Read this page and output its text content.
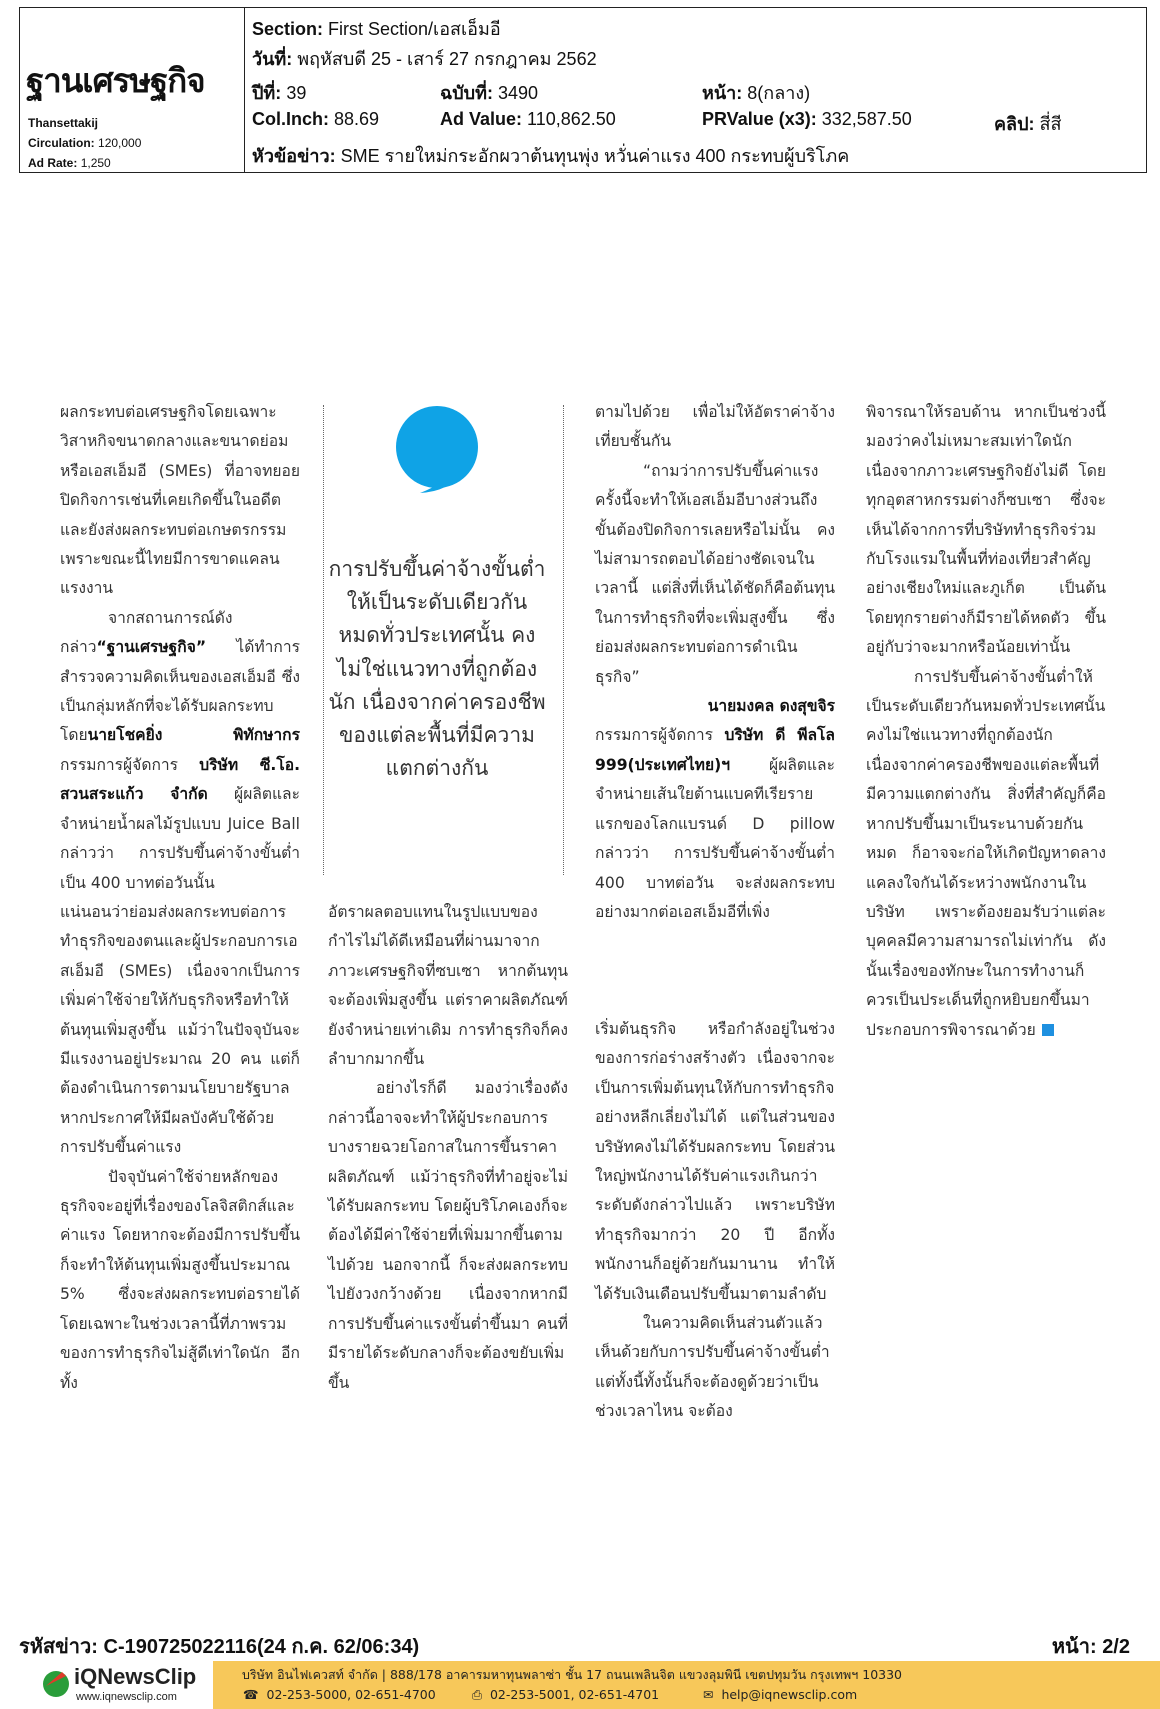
ฐานเศรษฐกิจ
Thansettakij
Circulation: 120,000
Ad Rate: 1,250
Section: First Section/เอสเอ็มอี
วันที่: พฤหัสบดี 25 - เสาร์ 27 กรกฎาคม 2562
ปีที่: 39	ฉบับที่: 3490	หน้า: 8(กลาง)
Col.Inch: 88.69	Ad Value: 110,862.50	PRValue (x3): 332,587.50	คลิป: สี่สี
หัวข้อข่าว: SME รายใหม่กระอักผวาต้นทุนพุ่ง หวั่นค่าแรง 400 กระทบผู้บริโภค

ผลกระทบต่อเศรษฐกิจโดยเฉพาะวิสาหกิจขนาดกลางและขนาดย่อม หรือเอสเอ็มอี (SMEs) ที่อาจทยอยปิดกิจการเช่นที่เคยเกิดขึ้นในอดีต และยังส่งผลกระทบต่อเกษตรกรรม เพราะขณะนี้ไทยมีการขาดแคลนแรงงาน

จากสถานการณ์ดังกล่าว“ฐานเศรษฐกิจ” ได้ทำการสำรวจความคิดเห็นของเอสเอ็มอี ซึ่งเป็นกลุ่มหลักที่จะได้รับผลกระทบ โดยนายโชคยิ่ง พิทักษากร กรรมการผู้จัดการ บริษัท ซี.โอ. สวนสระแก้ว จำกัด ผู้ผลิตและจำหน่ายน้ำผลไม้รูปแบบ Juice Ball กล่าวว่า การปรับขึ้นค่าจ้างขั้นต่ำเป็น 400 บาทต่อวันนั้น

การปรับขึ้นค่าจ้างขั้นต่ำให้เป็นระดับเดียวกันหมดทั่วประเทศนั้น คงไม่ใช่แนวทางที่ถูกต้องนัก เนื่องจากค่าครองชีพของแต่ละพื้นที่มีความแตกต่างกัน

ตามไปด้วย เพื่อไม่ให้อัตราค่าจ้างเที่ยบชั้นกัน

“ถามว่าการปรับขึ้นค่าแรงครั้งนี้จะทำให้เอสเอ็มอีบางส่วนถึงขั้นต้องปิดกิจการเลยหรือไม่นั้น คงไม่สามารถตอบได้อย่างชัดเจนในเวลานี้ แต่สิ่งที่เห็นได้ชัดก็คือต้นทุนในการทำธุรกิจที่จะเพิ่มสูงขึ้น ซึ่งย่อมส่งผลกระทบต่อการดำเนินธุรกิจ”

นายมงคล ดงสุขจิร

กรรมการผู้จัดการ บริษัท ดี พีลโล 999(ประเทศไทย)ฯ ผู้ผลิตและจำหน่ายเส้นใยต้านแบคทีเรียรายแรกของโลกแบรนด์ D pillow กล่าวว่า การปรับขึ้นค่าจ้างขั้นต่ำ 400 บาทต่อวัน จะส่งผลกระทบอย่างมากต่อเอสเอ็มอีที่เพิ่ง

แน่นอนว่าย่อมส่งผลกระทบต่อการทำธุรกิจของตนและผู้ประกอบการเอสเอ็มอี (SMEs) เนื่องจากเป็นการเพิ่มค่าใช้จ่ายให้กับธุรกิจหรือทำให้ต้นทุนเพิ่มสูงขึ้น แม้ว่าในปัจจุบันจะมีแรงงานอยู่ประมาณ 20 คน แต่ก็ต้องดำเนินการตามนโยบายรัฐบาลหากประกาศให้มีผลบังคับใช้ด้วยการปรับขึ้นค่าแรง

ปัจจุบันค่าใช้จ่ายหลักของธุรกิจจะอยู่ที่เรื่องของโลจิสติกส์และค่าแรง โดยหากจะต้องมีการปรับขึ้นก็จะทำให้ต้นทุนเพิ่มสูงขึ้นประมาณ 5% ซึ่งจะส่งผลกระทบต่อรายได้ โดยเฉพาะในช่วงเวลานี้ที่ภาพรวมของการทำธุรกิจไม่สู้ดีเท่าใดนัก อีกทั้ง

อัตราผลตอบแทนในรูปแบบของกำไรไม่ได้ดีเหมือนที่ผ่านมาจากภาวะเศรษฐกิจที่ซบเซา หากต้นทุนจะต้องเพิ่มสูงขึ้น แต่ราคาผลิตภัณฑ์ยังจำหน่ายเท่าเดิม การทำธุรกิจก็คงลำบากมากขึ้น

อย่างไรก็ดี มองว่าเรื่องดังกล่าวนี้อาจจะทำให้ผู้ประกอบการบางรายฉวยโอกาสในการขึ้นราคาผลิตภัณฑ์ แม้ว่าธุรกิจที่ทำอยู่จะไม่ได้รับผลกระทบ โดยผู้บริโภคเองก็จะต้องได้มีค่าใช้จ่ายที่เพิ่มมากขึ้นตามไปด้วย นอกจากนี้ ก็จะส่งผลกระทบไปยังวงกว้างด้วย เนื่องจากหากมีการปรับขึ้นค่าแรงขั้นต่ำขึ้นมา คนที่มีรายได้ระดับกลางก็จะต้องขยับเพิ่มขึ้น

เริ่มต้นธุรกิจ หรือกำลังอยู่ในช่วงของการก่อร่างสร้างตัว เนื่องจากจะเป็นการเพิ่มต้นทุนให้กับการทำธุรกิจอย่างหลีกเลี่ยงไม่ได้ แต่ในส่วนของบริษัทคงไม่ได้รับผลกระทบ โดยส่วนใหญ่พนักงานได้รับค่าแรงเกินกว่าระดับดังกล่าวไปแล้ว เพราะบริษัททำธุรกิจมากว่า 20 ปี อีกทั้งพนักงานก็อยู่ด้วยกันมานาน ทำให้ได้รับเงินเดือนปรับขึ้นมาตามลำดับ

ในความคิดเห็นส่วนตัวแล้วเห็นด้วยกับการปรับขึ้นค่าจ้างขั้นต่ำ แต่ทั้งนี้ทั้งนั้นก็จะต้องดูด้วยว่าเป็นช่วงเวลาไหน จะต้อง

พิจารณาให้รอบด้าน หากเป็นช่วงนี้มองว่าคงไม่เหมาะสมเท่าใดนัก เนื่องจากภาวะเศรษฐกิจยังไม่ดี โดยทุกอุตสาหกรรมต่างก็ซบเซา ซึ่งจะเห็นได้จากการที่บริษัททำธุรกิจร่วมกับโรงแรมในพื้นที่ท่องเที่ยวสำคัญอย่างเชียงใหม่และภูเก็ต เป็นต้น โดยทุกรายต่างก็มีรายได้หดตัว ขึ้นอยู่กับว่าจะมากหรือน้อยเท่านั้น

การปรับขึ้นค่าจ้างขั้นต่ำให้เป็นระดับเดียวกันหมดทั่วประเทศนั้น คงไม่ใช่แนวทางที่ถูกต้องนัก เนื่องจากค่าครองชีพของแต่ละพื้นที่มีความแตกต่างกัน สิ่งที่สำคัญก็คือหากปรับขึ้นมาเป็นระนาบด้วยกันหมด ก็อาจจะก่อให้เกิดปัญหาดลางแคลงใจกันได้ระหว่างพนักงานในบริษัท เพราะต้องยอมรับว่าแต่ละบุคคลมีความสามารถไม่เท่ากัน ดังนั้นเรื่องของทักษะในการทำงานก็ควรเป็นประเด็นที่ถูกหยิบยกขึ้นมาประกอบการพิจารณาด้วย

รหัสข่าว: C-190725022116(24 ก.ค. 62/06:34)	หน้า: 2/2
iQNewsClip
www.iqnewsclip.com
บริษัท อินไฟเควสท์ จำกัด | 888/178 อาคารมหาทุนพลาซ่า ชั้น 17 ถนนเพลินจิต แขวงลุมพินี เขตปทุมวัน กรุงเทพฯ 10330
☎ 02-253-5000, 02-651-4700	⎙ 02-253-5001, 02-651-4701	✉ help@iqnewsclip.com
